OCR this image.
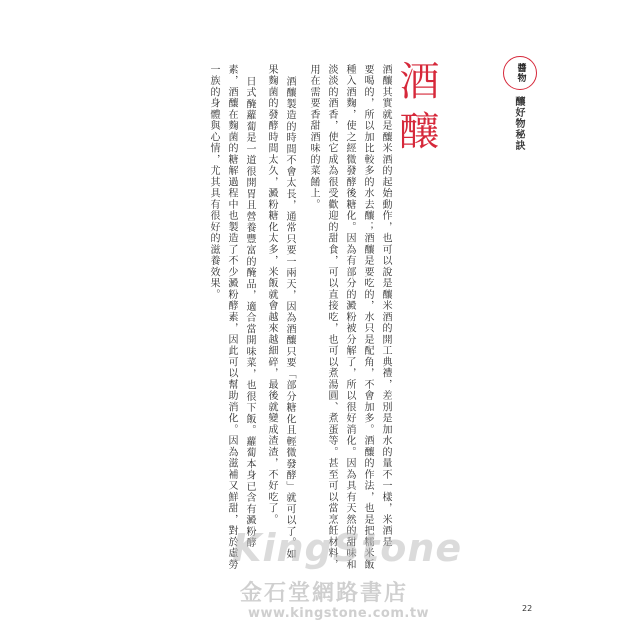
醬物
釀好物秘訣
酒釀
酒釀其實就是釀米酒的起始動作，也可以說是釀米酒的開工典禮，差別是加水的量不一樣，米酒是
要喝的，所以加比較多的水去釀；酒釀是要吃的，水只是配角，不會加多。酒釀的作法，也是把糯米飯
種入酒麴，使之經微發酵後糖化。因為有部分的澱粉被分解了，所以很好消化。因為具有天然的甜味和
淡淡的酒香，使它成為很受歡迎的甜食，可以直接吃，也可以煮湯圓、煮蛋等。甚至可以當烹飪材料，
用在需要香甜酒味的菜餚上。
酒釀製造的時間不會太長，通常只要一兩天，因為酒釀只要「部分糖化且輕微發酵」就可以了。如
果麴菌的發酵時間太久，澱粉糖化太多，米飯就會越來越細碎，最後就變成渣渣，不好吃了。
日式醃蘿蔔是一道很開胃且營養豐富的醃品，適合當開味菜，也很下飯。蘿蔔本身已含有澱粉酵
素，酒釀在麴菌的糖解過程中也製造了不少澱粉酵素，因此可以幫助消化。因為滋補又鮮甜，對於虛勞
一族的身體與心情，尤其具有很好的滋養效果。
22
KingStone
金石堂網路書店
www.kingstone.com.tw
